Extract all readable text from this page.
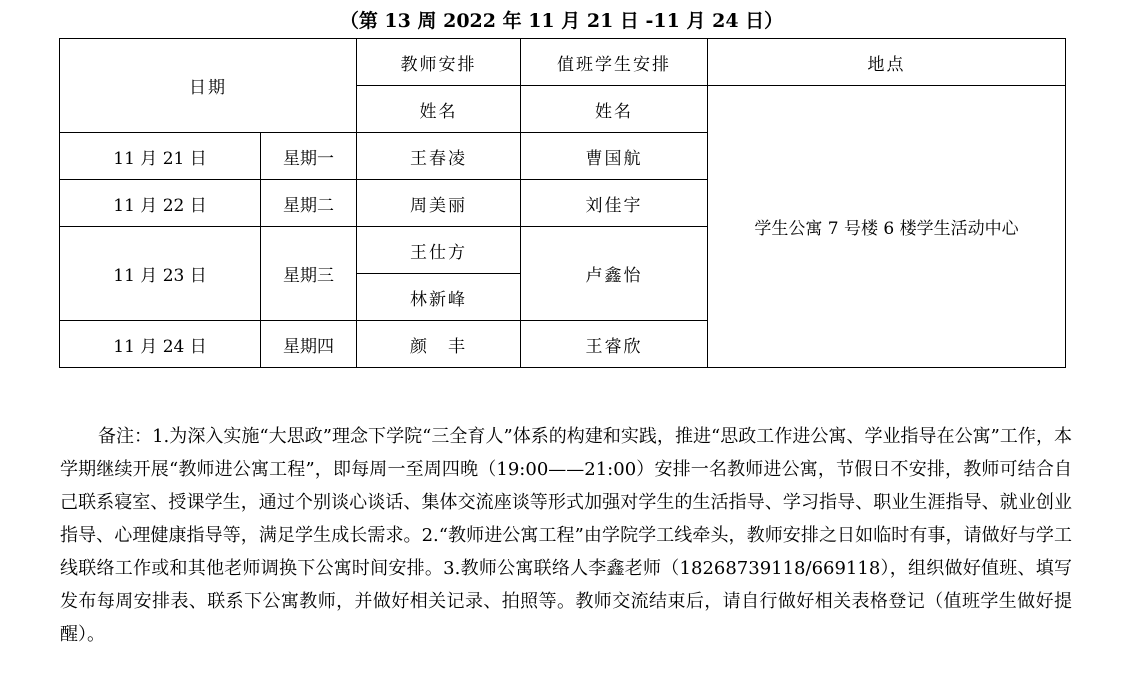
（第 13 周 2022 年 11 月 21 日 -11 月 24 日）
日期		教师安排	值班学生安排	地点
		姓名	姓名	学生公寓 7 号楼 6 楼学生活动中心
11 月 21 日	星期一	王春凌	曹国航	
11 月 22 日	星期二	周美丽	刘佳宇	
11 月 23 日	星期三	王仕方	卢鑫怡	
		林新峰		
11 月 24 日	星期四	颜　丰	王睿欣	

备注：1.为深入实施“大思政”理念下学院“三全育人”体系的构建和实践，推进“思政工作进公寓、学业指导在公寓”工作，本学期继续开展“教师进公寓工程”，即每周一至周四晚（19:00——21:00）安排一名教师进公寓，节假日不安排，教师可结合自己联系寝室、授课学生，通过个别谈心谈话、集体交流座谈等形式加强对学生的生活指导、学习指导、职业生涯指导、就业创业指导、心理健康指导等，满足学生成长需求。2.“教师进公寓工程”由学院学工线牵头，教师安排之日如临时有事，请做好与学工线联络工作或和其他老师调换下公寓时间安排。3.教师公寓联络人李鑫老师（18268739118/669118），组织做好值班、填写发布每周安排表、联系下公寓教师，并做好相关记录、拍照等。教师交流结束后，请自行做好相关表格登记（值班学生做好提醒）。
